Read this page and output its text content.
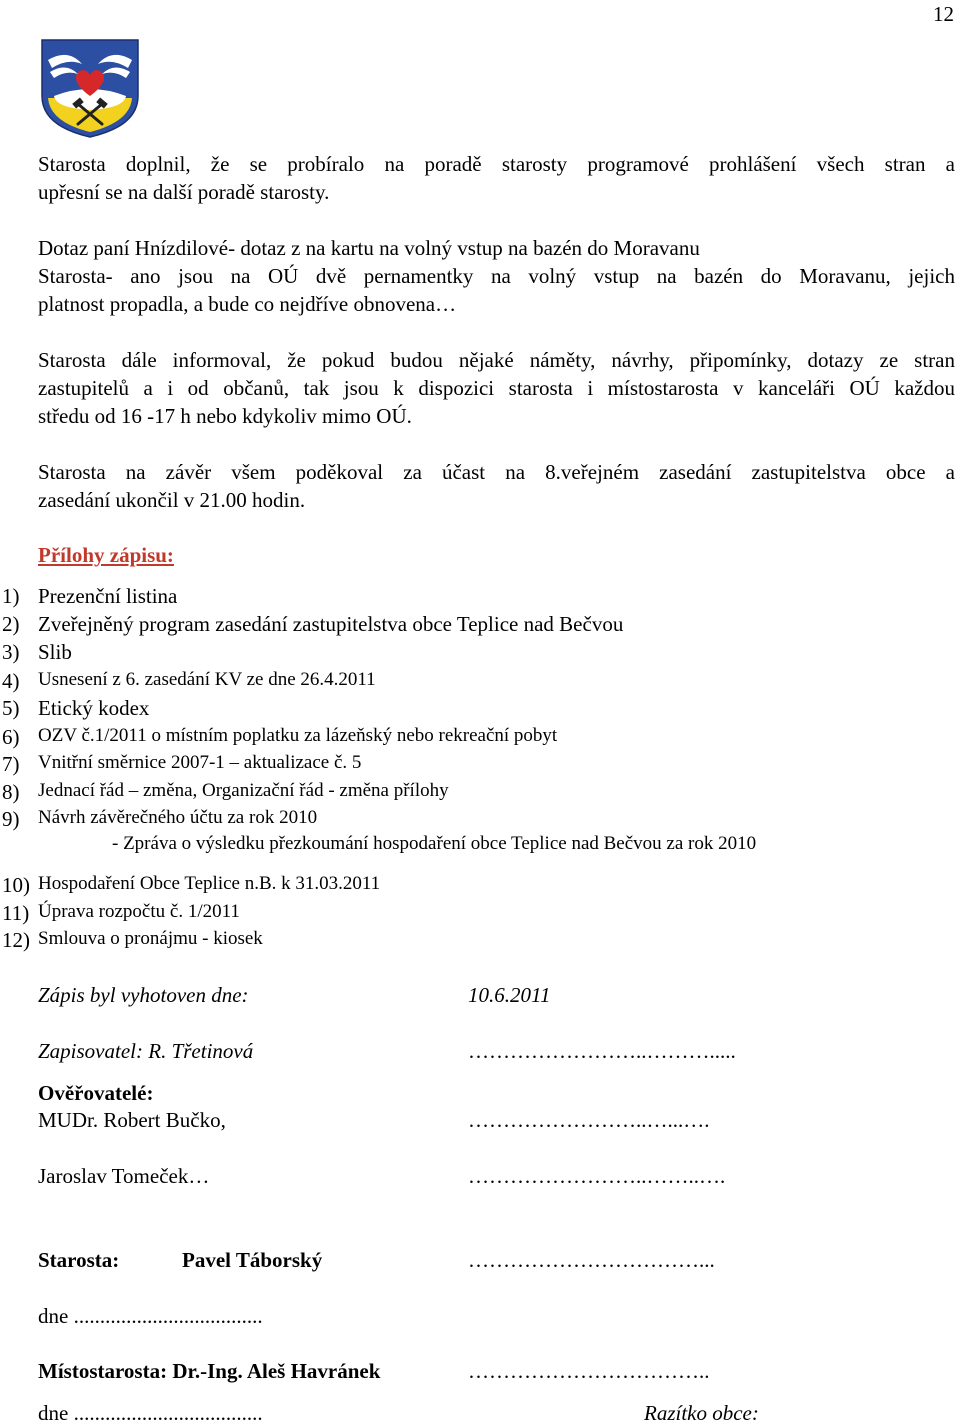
12
Starosta doplnil, že se probíralo na poradě starosty programové prohlášení všech stran a
upřesní se na další poradě starosty.
Dotaz paní Hnízdilové- dotaz z na kartu na volný vstup na bazén do Moravanu
Starosta- ano jsou na OÚ dvě pernamentky na volný vstup na bazén do Moravanu, jejich
platnost propadla, a bude co nejdříve obnovena…
Starosta dále informoval, že pokud budou nějaké náměty, návrhy, připomínky, dotazy ze stran
zastupitelů a i od občanů, tak jsou k dispozici starosta i místostarosta v kanceláři OÚ každou
středu od 16 -17 h nebo kdykoliv mimo OÚ.
Starosta na závěr všem poděkoval za účast na 8.veřejném zasedání zastupitelstva obce a
zasedání ukončil v 21.00 hodin.
Přílohy zápisu:
1) Prezenční listina
2) Zveřejněný program zasedání zastupitelstva obce Teplice nad Bečvou
3) Slib
4) Usnesení z 6. zasedání KV ze dne 26.4.2011
5) Etický kodex
6) OZV č.1/2011 o místním poplatku za lázeňský nebo rekreační pobyt
7) Vnitřní směrnice 2007-1 – aktualizace č. 5
8) Jednací řád – změna, Organizační řád - změna přílohy
9) Návrh závěrečného účtu za rok 2010
- Zpráva o výsledku přezkoumání hospodaření obce Teplice nad Bečvou za rok 2010
10) Hospodaření Obce Teplice n.B. k 31.03.2011
11) Úprava rozpočtu č. 1/2011
12) Smlouva o pronájmu - kiosek
Zápis byl vyhotoven dne:	10.6.2011
Zapisovatel: R. Třetinová	……………………..……….....
Ověřovatelé:
MUDr. Robert Bučko,	……………………..…...….
Jaroslav Tomeček…	……………………..……..….
Starosta:	Pavel Táborský	……………………………...
dne ....................................
Místostarosta: Dr.-Ing. Aleš Havránek	……………………………..
dne ....................................	Razítko obce:
